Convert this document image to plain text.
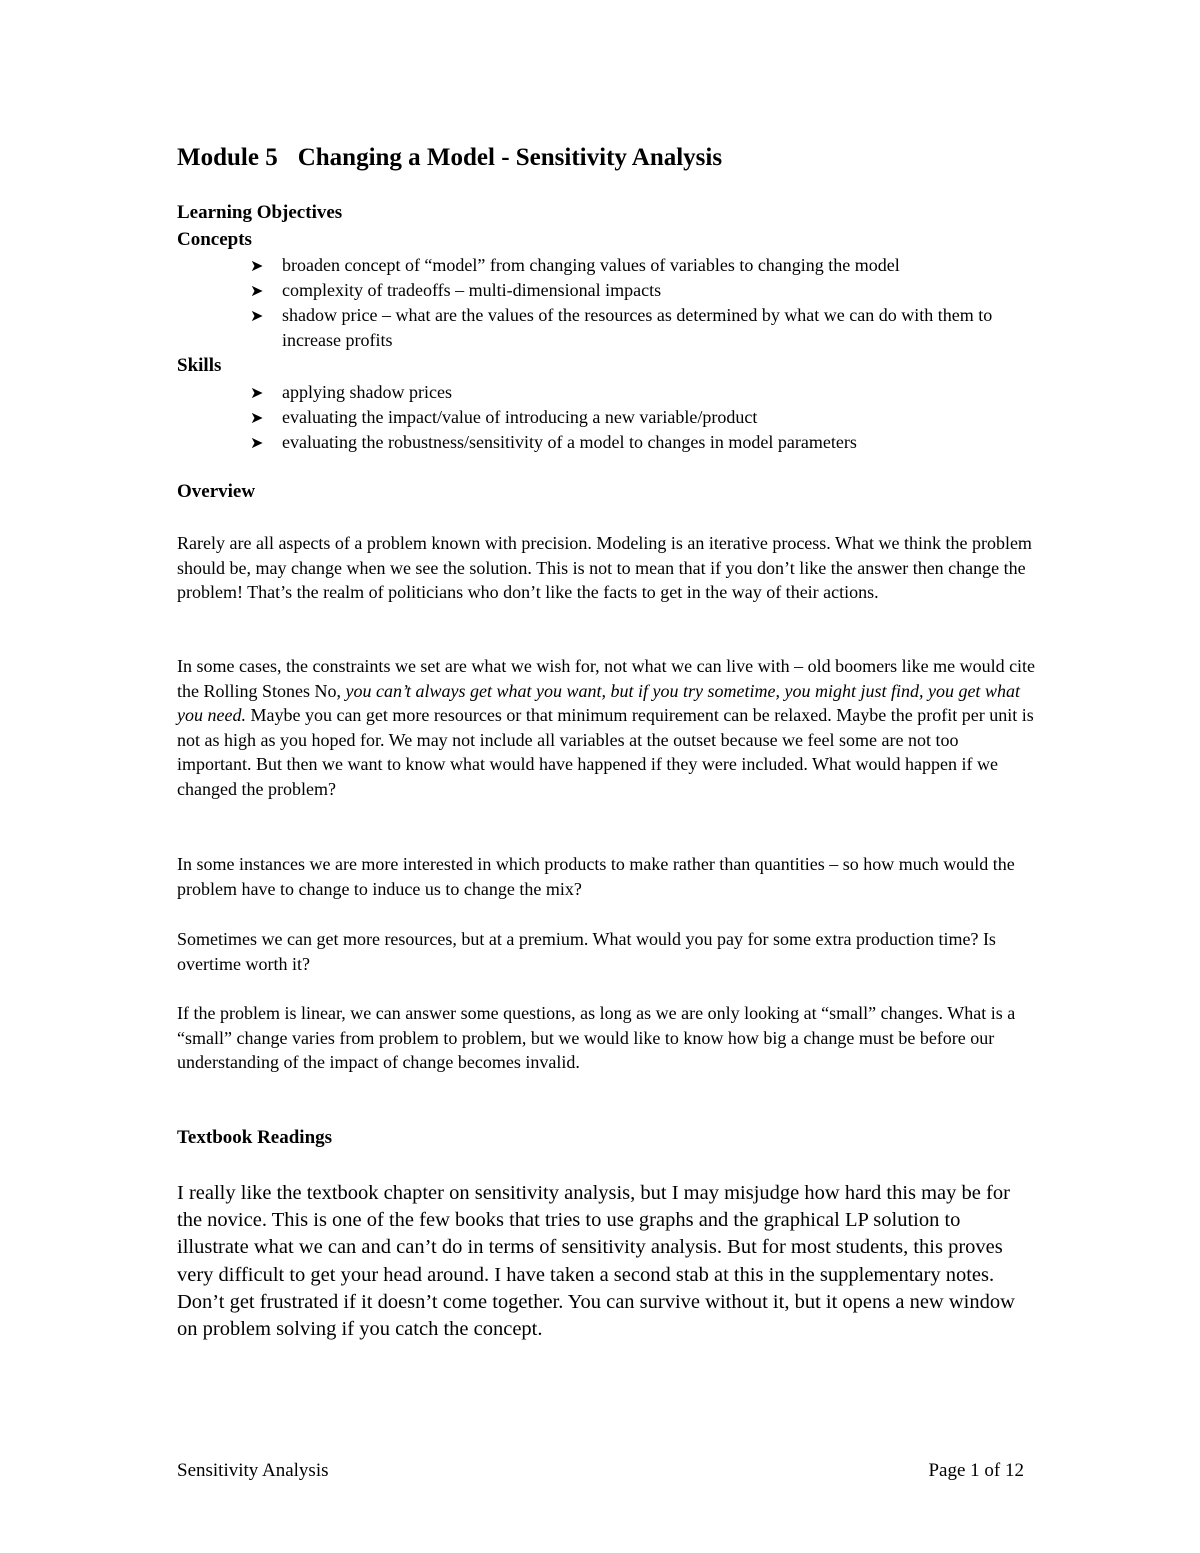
Module 5 Changing a Model - Sensitivity Analysis
Learning Objectives
Concepts
➤ broaden concept of “model” from changing values of variables to changing the model
➤ complexity of tradeoffs – multi-dimensional impacts
➤ shadow price – what are the values of the resources as determined by what we can do with them to increase profits
Skills
➤ applying shadow prices
➤ evaluating the impact/value of introducing a new variable/product
➤ evaluating the robustness/sensitivity of a model to changes in model parameters
Overview

Rarely are all aspects of a problem known with precision. Modeling is an iterative process. What we think the problem should be, may change when we see the solution. This is not to mean that if you don’t like the answer then change the problem! That’s the realm of politicians who don’t like the facts to get in the way of their actions.

In some cases, the constraints we set are what we wish for, not what we can live with – old boomers like me would cite the Rolling Stones No, you can’t always get what you want, but if you try sometime, you might just find, you get what you need. Maybe you can get more resources or that minimum requirement can be relaxed. Maybe the profit per unit is not as high as you hoped for. We may not include all variables at the outset because we feel some are not too important. But then we want to know what would have happened if they were included. What would happen if we changed the problem?

In some instances we are more interested in which products to make rather than quantities – so how much would the problem have to change to induce us to change the mix?

Sometimes we can get more resources, but at a premium. What would you pay for some extra production time? Is overtime worth it?

If the problem is linear, we can answer some questions, as long as we are only looking at “small” changes. What is a “small” change varies from problem to problem, but we would like to know how big a change must be before our understanding of the impact of change becomes invalid.

Textbook Readings

I really like the textbook chapter on sensitivity analysis, but I may misjudge how hard this may be for the novice. This is one of the few books that tries to use graphs and the graphical LP solution to illustrate what we can and can’t do in terms of sensitivity analysis. But for most students, this proves very difficult to get your head around. I have taken a second stab at this in the supplementary notes. Don’t get frustrated if it doesn’t come together. You can survive without it, but it opens a new window on problem solving if you catch the concept.

Sensitivity Analysis	Page 1 of 12
